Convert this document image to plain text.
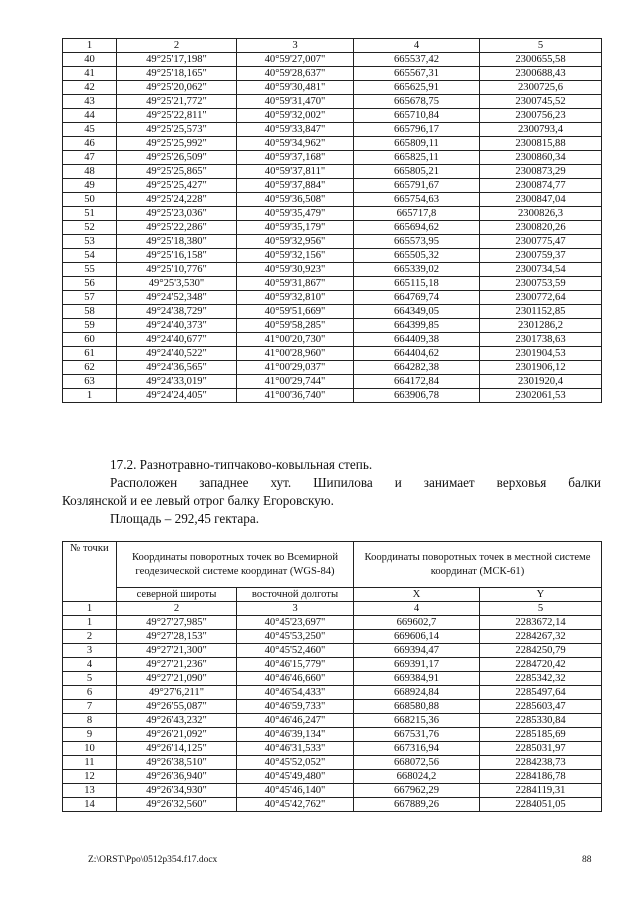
1	2	3	4	5
40	49°25'17,198"	40°59'27,007"	665537,42	2300655,58
41	49°25'18,165"	40°59'28,637"	665567,31	2300688,43
42	49°25'20,062"	40°59'30,481"	665625,91	2300725,6
43	49°25'21,772"	40°59'31,470"	665678,75	2300745,52
44	49°25'22,811"	40°59'32,002"	665710,84	2300756,23
45	49°25'25,573"	40°59'33,847"	665796,17	2300793,4
46	49°25'25,992"	40°59'34,962"	665809,11	2300815,88
47	49°25'26,509"	40°59'37,168"	665825,11	2300860,34
48	49°25'25,865"	40°59'37,811"	665805,21	2300873,29
49	49°25'25,427"	40°59'37,884"	665791,67	2300874,77
50	49°25'24,228"	40°59'36,508"	665754,63	2300847,04
51	49°25'23,036"	40°59'35,479"	665717,8	2300826,3
52	49°25'22,286"	40°59'35,179"	665694,62	2300820,26
53	49°25'18,380"	40°59'32,956"	665573,95	2300775,47
54	49°25'16,158"	40°59'32,156"	665505,32	2300759,37
55	49°25'10,776"	40°59'30,923"	665339,02	2300734,54
56	49°25'3,530"	40°59'31,867"	665115,18	2300753,59
57	49°24'52,348"	40°59'32,810"	664769,74	2300772,64
58	49°24'38,729"	40°59'51,669"	664349,05	2301152,85
59	49°24'40,373"	40°59'58,285"	664399,85	2301286,2
60	49°24'40,677"	41°00'20,730"	664409,38	2301738,63
61	49°24'40,522"	41°00'28,960"	664404,62	2301904,53
62	49°24'36,565"	41°00'29,037"	664282,38	2301906,12
63	49°24'33,019"	41°00'29,744"	664172,84	2301920,4
1	49°24'24,405"	41°00'36,740"	663906,78	2302061,53
17.2. Разнотравно-типчаково-ковыльная степь.
Расположен западнее хут. Шипилова и занимает верховья балки
Козлянской и ее левый отрог балку Егоровскую.
Площадь – 292,45 гектара.
№ точки	Координаты поворотных точек во Всемирной геодезической системе координат (WGS-84)		Координаты поворотных точек в местной системе координат (МСК-61)	
	северной широты	восточной долготы	X	Y
1	2	3	4	5
1	49°27'27,985"	40°45'23,697"	669602,7	2283672,14
2	49°27'28,153"	40°45'53,250"	669606,14	2284267,32
3	49°27'21,300"	40°45'52,460"	669394,47	2284250,79
4	49°27'21,236"	40°46'15,779"	669391,17	2284720,42
5	49°27'21,090"	40°46'46,660"	669384,91	2285342,32
6	49°27'6,211"	40°46'54,433"	668924,84	2285497,64
7	49°26'55,087"	40°46'59,733"	668580,88	2285603,47
8	49°26'43,232"	40°46'46,247"	668215,36	2285330,84
9	49°26'21,092"	40°46'39,134"	667531,76	2285185,69
10	49°26'14,125"	40°46'31,533"	667316,94	2285031,97
11	49°26'38,510"	40°45'52,052"	668072,56	2284238,73
12	49°26'36,940"	40°45'49,480"	668024,2	2284186,78
13	49°26'34,930"	40°45'46,140"	667962,29	2284119,31
14	49°26'32,560"	40°45'42,762"	667889,26	2284051,05
Z:\ORST\Ppo\0512p354.f17.docx	88
